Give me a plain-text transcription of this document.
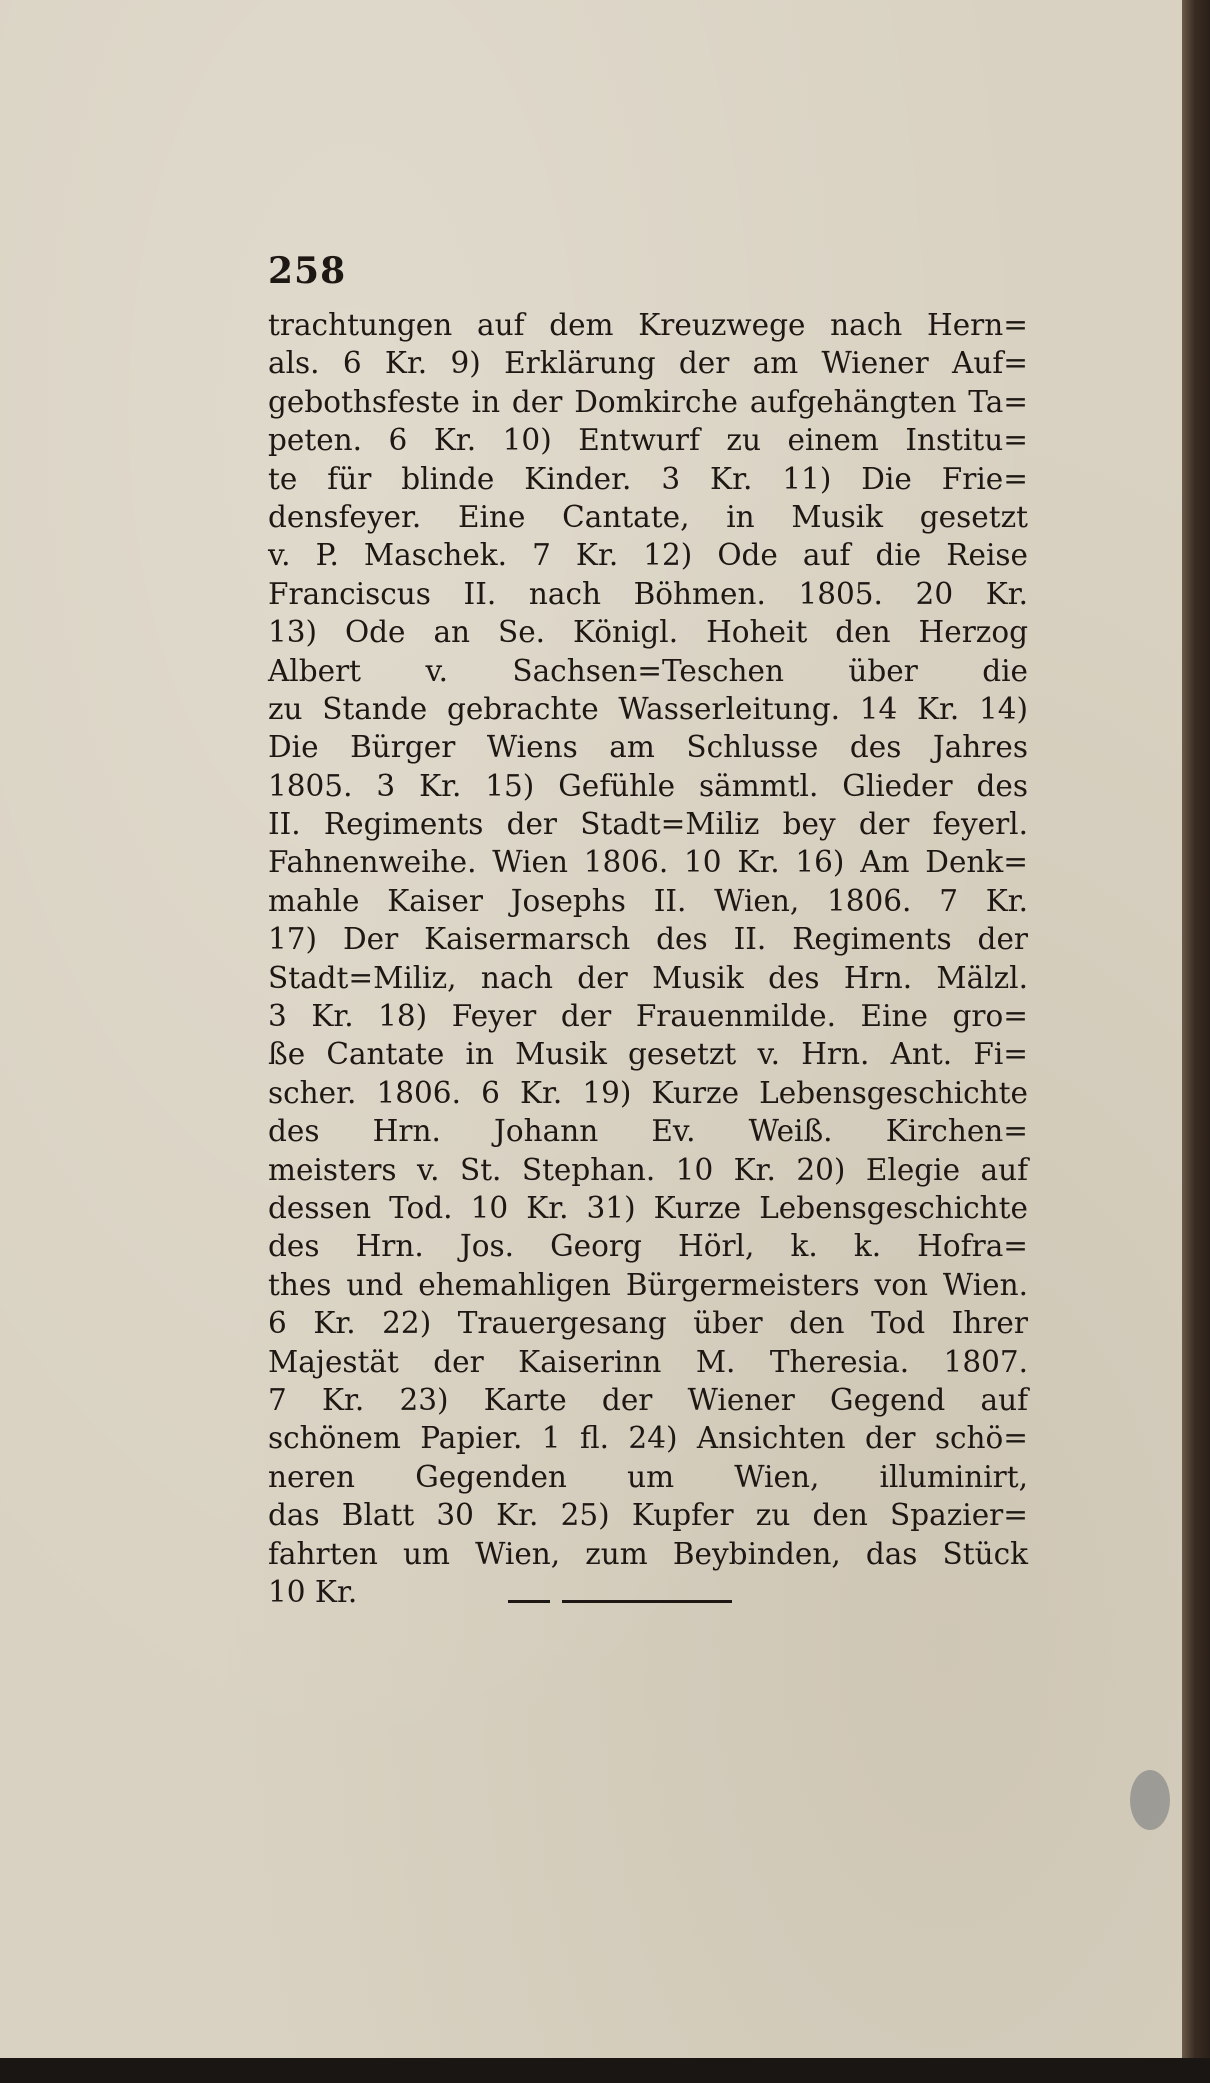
258
trachtungen auf dem Kreuzwege nach Hern=
als. 6 Kr. 9) Erklärung der am Wiener Auf=
gebothsfeste in der Domkirche aufgehängten Ta=
peten. 6 Kr. 10) Entwurf zu einem Institu=
te für blinde Kinder. 3 Kr. 11) Die Frie=
densfeyer. Eine Cantate, in Musik gesetzt
v. P. Maschek. 7 Kr. 12) Ode auf die Reise
Franciscus II. nach Böhmen. 1805. 20 Kr.
13) Ode an Se. Königl. Hoheit den Herzog
Albert v. Sachsen=Teschen über die
zu Stande gebrachte Wasserleitung. 14 Kr. 14)
Die Bürger Wiens am Schlusse des Jahres
1805. 3 Kr. 15) Gefühle sämmtl. Glieder des
II. Regiments der Stadt=Miliz bey der feyerl.
Fahnenweihe. Wien 1806. 10 Kr. 16) Am Denk=
mahle Kaiser Josephs II. Wien, 1806. 7 Kr.
17) Der Kaisermarsch des II. Regiments der
Stadt=Miliz, nach der Musik des Hrn. Mälzl.
3 Kr. 18) Feyer der Frauenmilde. Eine gro=
ße Cantate in Musik gesetzt v. Hrn. Ant. Fi=
scher. 1806. 6 Kr. 19) Kurze Lebensgeschichte
des Hrn. Johann Ev. Weiß. Kirchen=
meisters v. St. Stephan. 10 Kr. 20) Elegie auf
dessen Tod. 10 Kr. 31) Kurze Lebensgeschichte
des Hrn. Jos. Georg Hörl, k. k. Hofra=
thes und ehemahligen Bürgermeisters von Wien.
6 Kr. 22) Trauergesang über den Tod Ihrer
Majestät der Kaiserinn M. Theresia. 1807.
7 Kr. 23) Karte der Wiener Gegend auf
schönem Papier. 1 fl. 24) Ansichten der schö=
neren Gegenden um Wien, illuminirt,
das Blatt 30 Kr. 25) Kupfer zu den Spazier=
fahrten um Wien, zum Beybinden, das Stück
10 Kr.
